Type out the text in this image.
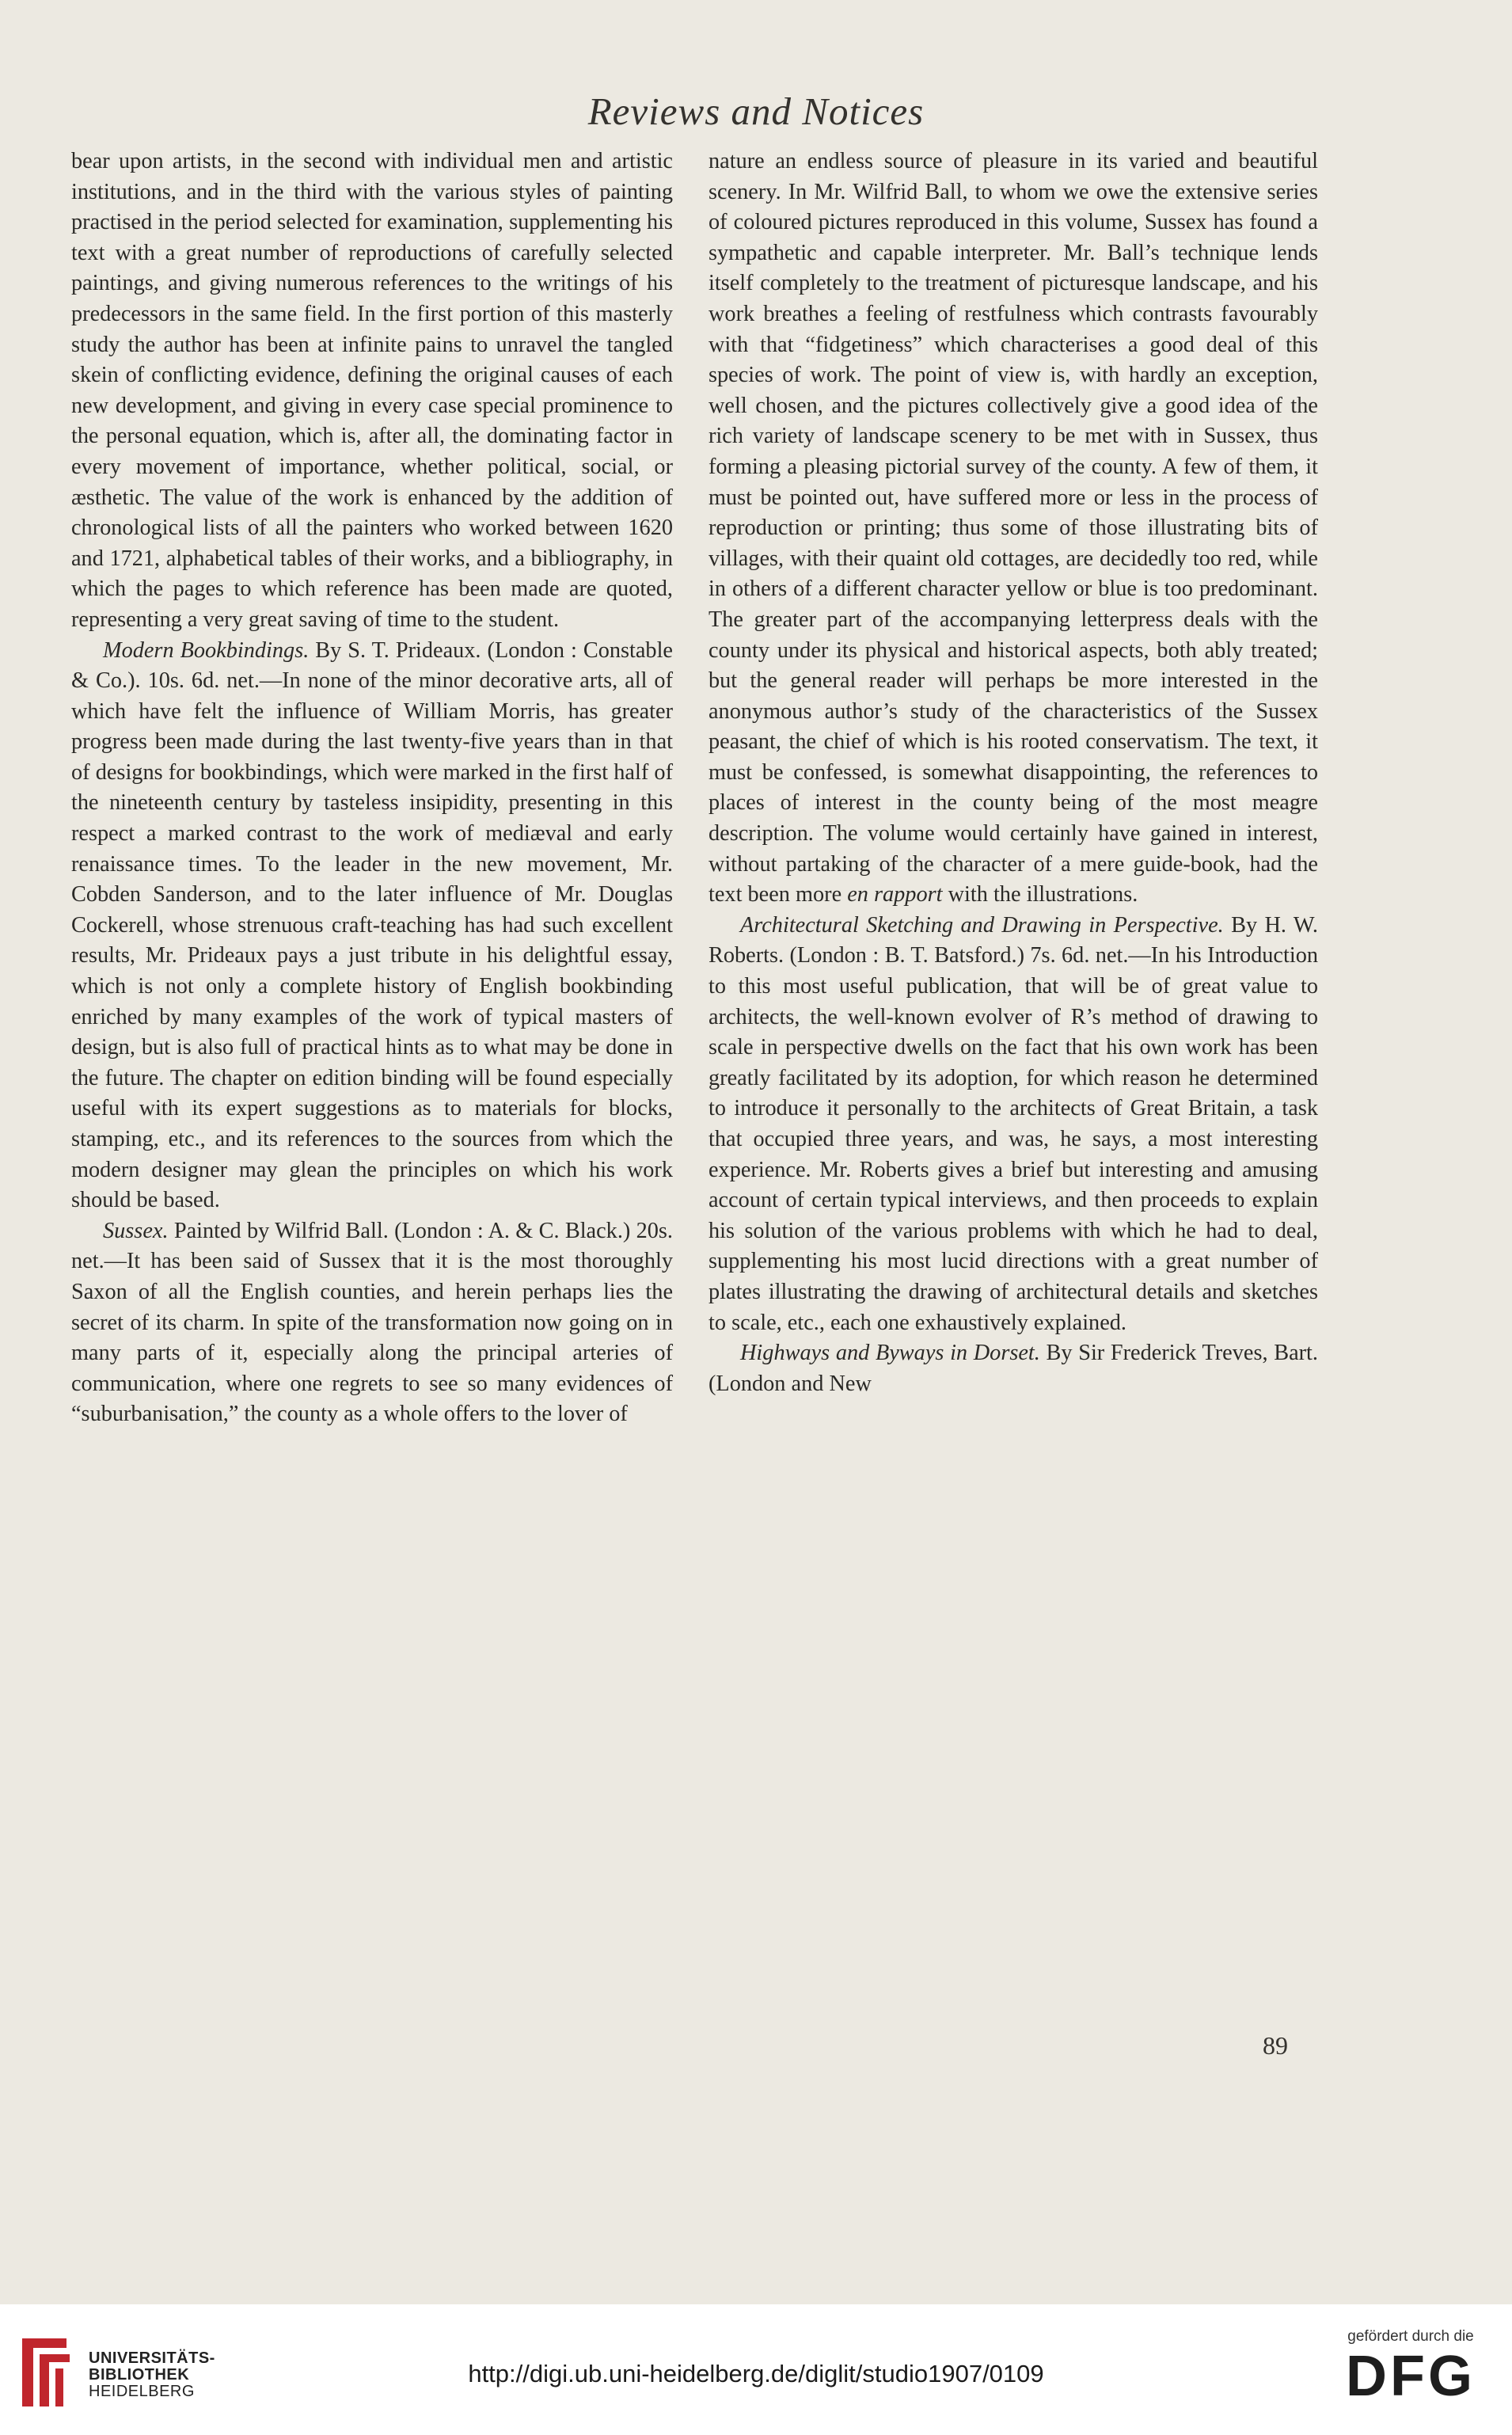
Reviews and Notices

bear upon artists, in the second with individual men and artistic institutions, and in the third with the various styles of painting practised in the period selected for examination, supplementing his text with a great number of reproductions of carefully selected paintings, and giving numerous references to the writings of his predecessors in the same field. In the first portion of this masterly study the author has been at infinite pains to unravel the tangled skein of conflicting evidence, defining the original causes of each new development, and giving in every case special prominence to the personal equation, which is, after all, the dominating factor in every movement of importance, whether political, social, or æsthetic. The value of the work is enhanced by the addition of chronological lists of all the painters who worked between 1620 and 1721, alphabetical tables of their works, and a bibliography, in which the pages to which reference has been made are quoted, representing a very great saving of time to the student.

Modern Bookbindings. By S. T. Prideaux. (London : Constable & Co.). 10s. 6d. net.—In none of the minor decorative arts, all of which have felt the influence of William Morris, has greater progress been made during the last twenty-five years than in that of designs for bookbindings, which were marked in the first half of the nineteenth century by tasteless insipidity, presenting in this respect a marked contrast to the work of mediæval and early renaissance times. To the leader in the new movement, Mr. Cobden Sanderson, and to the later influence of Mr. Douglas Cockerell, whose strenuous craft-teaching has had such excellent results, Mr. Prideaux pays a just tribute in his delightful essay, which is not only a complete history of English bookbinding enriched by many examples of the work of typical masters of design, but is also full of practical hints as to what may be done in the future. The chapter on edition binding will be found especially useful with its expert suggestions as to materials for blocks, stamping, etc., and its references to the sources from which the modern designer may glean the principles on which his work should be based.

Sussex. Painted by Wilfrid Ball. (London : A. & C. Black.) 20s. net.—It has been said of Sussex that it is the most thoroughly Saxon of all the English counties, and herein perhaps lies the secret of its charm. In spite of the transformation now going on in many parts of it, especially along the principal arteries of communication, where one regrets to see so many evidences of “suburbanisation,” the county as a whole offers to the lover of

nature an endless source of pleasure in its varied and beautiful scenery. In Mr. Wilfrid Ball, to whom we owe the extensive series of coloured pictures reproduced in this volume, Sussex has found a sympathetic and capable interpreter. Mr. Ball’s technique lends itself completely to the treatment of picturesque landscape, and his work breathes a feeling of restfulness which contrasts favourably with that “fidgetiness” which characterises a good deal of this species of work. The point of view is, with hardly an exception, well chosen, and the pictures collectively give a good idea of the rich variety of landscape scenery to be met with in Sussex, thus forming a pleasing pictorial survey of the county. A few of them, it must be pointed out, have suffered more or less in the process of reproduction or printing; thus some of those illustrating bits of villages, with their quaint old cottages, are decidedly too red, while in others of a different character yellow or blue is too predominant. The greater part of the accompanying letterpress deals with the county under its physical and historical aspects, both ably treated; but the general reader will perhaps be more interested in the anonymous author’s study of the characteristics of the Sussex peasant, the chief of which is his rooted conservatism. The text, it must be confessed, is somewhat disappointing, the references to places of interest in the county being of the most meagre description. The volume would certainly have gained in interest, without partaking of the character of a mere guide-book, had the text been more en rapport with the illustrations.

Architectural Sketching and Drawing in Perspective. By H. W. Roberts. (London : B. T. Batsford.) 7s. 6d. net.—In his Introduction to this most useful publication, that will be of great value to architects, the well-known evolver of R’s method of drawing to scale in perspective dwells on the fact that his own work has been greatly facilitated by its adoption, for which reason he determined to introduce it personally to the architects of Great Britain, a task that occupied three years, and was, he says, a most interesting experience. Mr. Roberts gives a brief but interesting and amusing account of certain typical interviews, and then proceeds to explain his solution of the various problems with which he had to deal, supplementing his most lucid directions with a great number of plates illustrating the drawing of architectural details and sketches to scale, etc., each one exhaustively explained.

Highways and Byways in Dorset. By Sir Frederick Treves, Bart. (London and New

89
UNIVERSITÄTS-
BIBLIOTHEK
HEIDELBERG
http://digi.ub.uni-heidelberg.de/diglit/studio1907/0109
gefördert durch die
DFG
